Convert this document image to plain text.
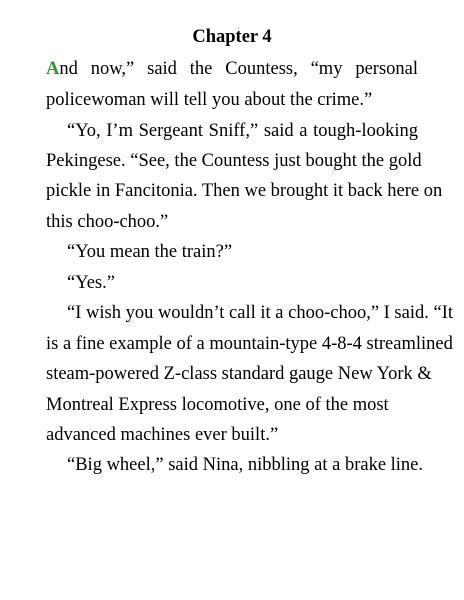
Chapter 4
And now,” said the Countess, “my personal
policewoman will tell you about the crime.”
“Yo, I’m Sergeant Sniff,” said a tough-looking
Pekingese. “See, the Countess just bought the gold
pickle in Fancitonia. Then we brought it back here on
this choo-choo.”
“You mean the train?”
“Yes.”
“I wish you wouldn’t call it a choo-choo,” I said. “It
is a fine example of a mountain-type 4-8-4 streamlined
steam-powered Z-class standard gauge New York &
Montreal Express locomotive, one of the most
advanced machines ever built.”
“Big wheel,” said Nina, nibbling at a brake line.
